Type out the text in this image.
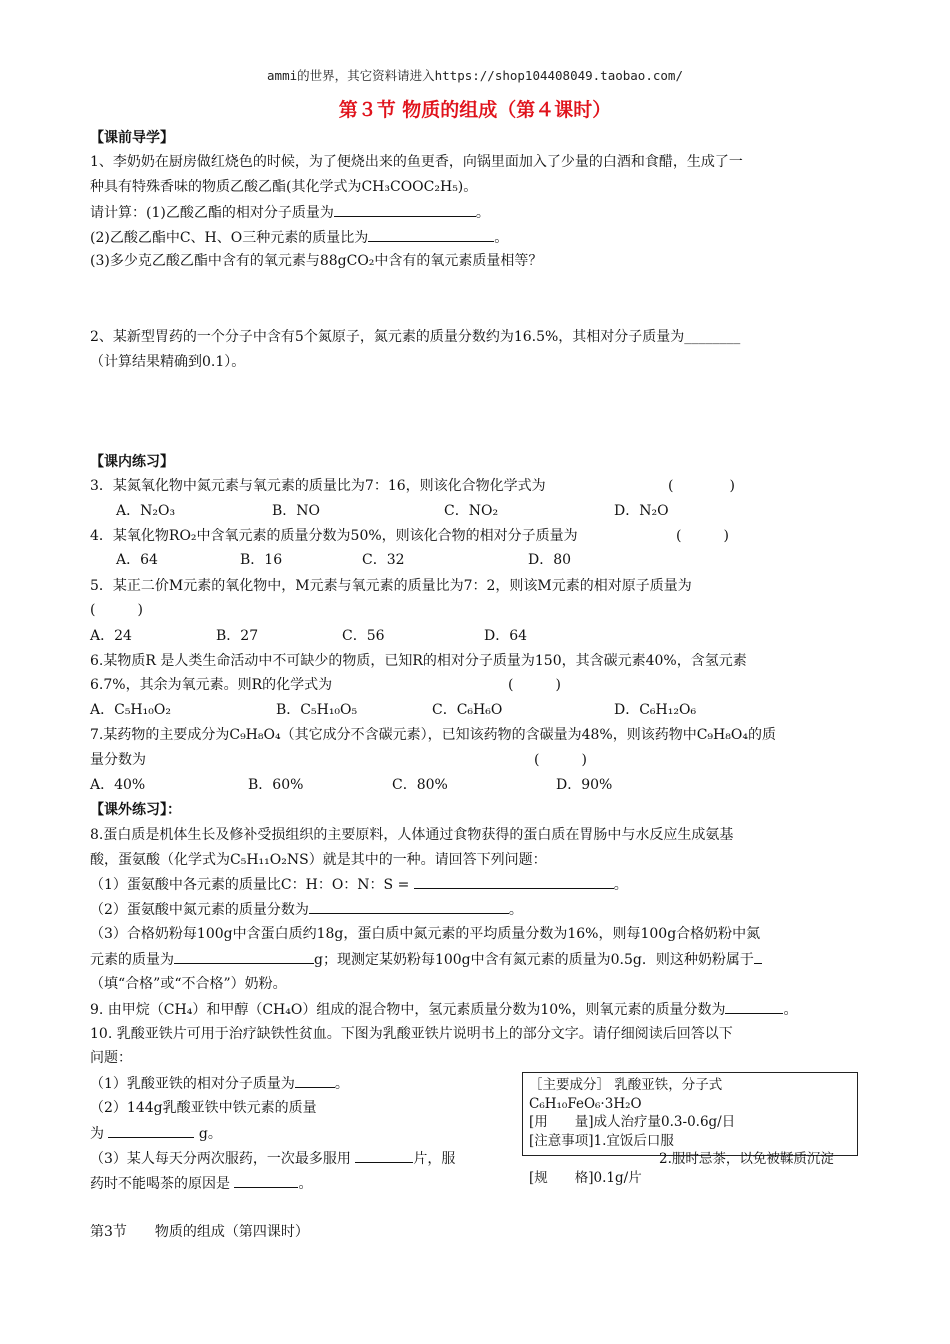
ammi的世界，其它资料请进入https://shop104408049.taobao.com/
第３节 物质的组成（第４课时）
【课前导学】
1、李奶奶在厨房做红烧色的时候，为了便烧出来的鱼更香，向锅里面加入了少量的白酒和食醋，生成了一
种具有特殊香味的物质乙酸乙酯(其化学式为CH₃COOC₂H₅)。
请计算：(1)乙酸乙酯的相对分子质量为	。
(2)乙酸乙酯中C、H、O三种元素的质量比为	。
(3)多少克乙酸乙酯中含有的氧元素与88gCO₂中含有的氧元素质量相等？
2、某新型胃药的一个分子中含有5个氮原子，氮元素的质量分数约为16.5%，其相对分子质量为________
（计算结果精确到0.1）。
【课内练习】
3．某氮氧化物中氮元素与氧元素的质量比为7：16，则该化合物化学式为	(　　　　)
A．N₂O₃	B．NO	C．NO₂	D．N₂O
4．某氧化物RO₂中含氧元素的质量分数为50%，则该化合物的相对分子质量为	(　　　)
A．64	B．16	C．32	D．80
5．某正二价M元素的氧化物中，M元素与氧元素的质量比为7：2，则该M元素的相对原子质量为
(　　　)
A．24	B．27	C．56	D．64
6.某物质R 是人类生命活动中不可缺少的物质，已知R的相对分子质量为150，其含碳元素40%，含氢元素
6.7%，其余为氧元素。则R的化学式为	(　　　)
A．C₅H₁₀O₂	B．C₅H₁₀O₅	C．C₆H₆O	D．C₆H₁₂O₆
7.某药物的主要成分为C₉H₈O₄（其它成分不含碳元素），已知该药物的含碳量为48%，则该药物中C₉H₈O₄的质
量分数为	(　　　)
A．40%	B．60%	C．80%	D．90%
【课外练习】：
8.蛋白质是机体生长及修补受损组织的主要原料，人体通过食物获得的蛋白质在胃肠中与水反应生成氨基
酸，蛋氨酸（化学式为C₅H₁₁O₂NS）就是其中的一种。请回答下列问题：
（1）蛋氨酸中各元素的质量比C：H：O：N：S =	。
（2）蛋氨酸中氮元素的质量分数为	。
（3）合格奶粉每100g中含蛋白质约18g，蛋白质中氮元素的平均质量分数为16%，则每100g合格奶粉中氮
元素的质量为	g；现测定某奶粉每100g中含有氮元素的质量为0.5g．则这种奶粉属于
（填“合格”或“不合格”）奶粉。
9. 由甲烷（CH₄）和甲醇（CH₄O）组成的混合物中，氢元素质量分数为10%，则氧元素的质量分数为	。
10. 乳酸亚铁片可用于治疗缺铁性贫血。下图为乳酸亚铁片说明书上的部分文字。请仔细阅读后回答以下
问题：
（1）乳酸亚铁的相对分子质量为	。
（2）144g乳酸亚铁中铁元素的质量
为	g。
（3）某人每天分两次服药，一次最多服用	片，服
药时不能喝茶的原因是	。
［主要成分］ 乳酸亚铁，分子式
C₆H₁₀FeO₆·3H₂O
[用　　量]成人治疗量0.3-0.6g/日
[注意事项]1.宜饭后口服
2.服时忌茶，以免被鞣质沉淀
[规　　格]0.1g/片
第3节　　物质的组成（第四课时）
